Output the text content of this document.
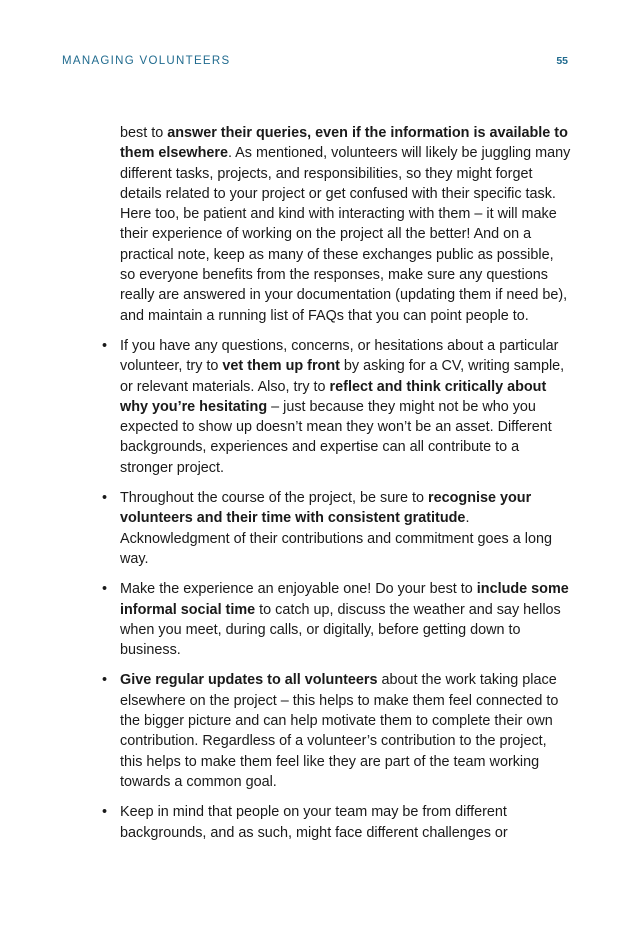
MANAGING VOLUNTEERS	55

best to answer their queries, even if the information is available to them elsewhere. As mentioned, volunteers will likely be juggling many different tasks, projects, and responsibilities, so they might forget details related to your project or get confused with their specific task. Here too, be patient and kind with interacting with them – it will make their experience of working on the project all the better! And on a practical note, keep as many of these exchanges public as possible, so everyone benefits from the responses, make sure any questions really are answered in your documentation (updating them if need be), and maintain a running list of FAQs that you can point people to.

• If you have any questions, concerns, or hesitations about a particular volunteer, try to vet them up front by asking for a CV, writing sample, or relevant materials. Also, try to reflect and think critically about why you’re hesitating – just because they might not be who you expected to show up doesn’t mean they won’t be an asset. Different backgrounds, experiences and expertise can all contribute to a stronger project.
• Throughout the course of the project, be sure to recognise your volunteers and their time with consistent gratitude. Acknowledgment of their contributions and commitment goes a long way.
• Make the experience an enjoyable one! Do your best to include some informal social time to catch up, discuss the weather and say hellos when you meet, during calls, or digitally, before getting down to business.
• Give regular updates to all volunteers about the work taking place elsewhere on the project – this helps to make them feel connected to the bigger picture and can help motivate them to complete their own contribution. Regardless of a volunteer’s contribution to the project, this helps to make them feel like they are part of the team working towards a common goal.
• Keep in mind that people on your team may be from different backgrounds, and as such, might face different challenges or
